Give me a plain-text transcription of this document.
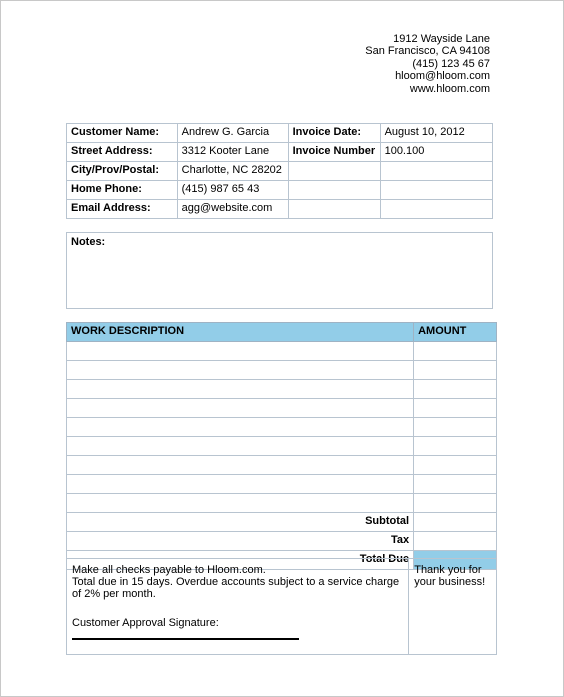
1912 Wayside Lane
San Francisco, CA 94108
(415) 123 45 67
hloom@hloom.com
www.hloom.com
Customer Name:	Andrew G. Garcia	Invoice Date:	August 10, 2012
Street Address:	3312 Kooter Lane	Invoice Number	100.100
City/Prov/Postal:	Charlotte, NC 28202		
Home Phone:	(415) 987 65 43		
Email Address:	agg@website.com		
Notes:
WORK DESCRIPTION	AMOUNT

Subtotal	
Tax	
Total Due	
Make all checks payable to Hloom.com.
Total due in 15 days. Overdue accounts subject to a service charge of 2% per month.
Customer Approval Signature:

Thank you for your business!
